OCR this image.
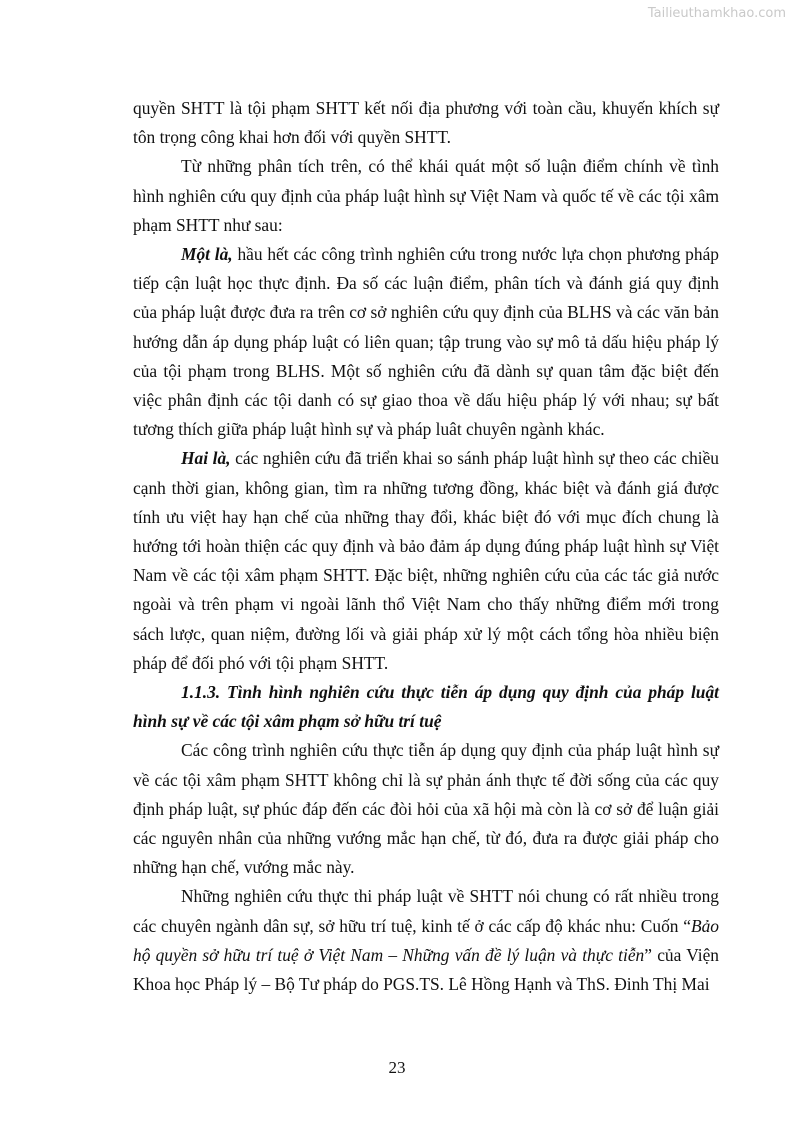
Tailieuthamkhao.com

quyền SHTT là tội phạm SHTT kết nối địa phương với toàn cầu, khuyến khích sự tôn trọng công khai hơn đối với quyền SHTT.

Từ những phân tích trên, có thể khái quát một số luận điểm chính về tình hình nghiên cứu quy định của pháp luật hình sự Việt Nam và quốc tế về các tội xâm phạm SHTT như sau:

Một là, hầu hết các công trình nghiên cứu trong nước lựa chọn phương pháp tiếp cận luật học thực định. Đa số các luận điểm, phân tích và đánh giá quy định của pháp luật được đưa ra trên cơ sở nghiên cứu quy định của BLHS và các văn bản hướng dẫn áp dụng pháp luật có liên quan; tập trung vào sự mô tả dấu hiệu pháp lý của tội phạm trong BLHS. Một số nghiên cứu đã dành sự quan tâm đặc biệt đến việc phân định các tội danh có sự giao thoa về dấu hiệu pháp lý với nhau; sự bất tương thích giữa pháp luật hình sự và pháp luât chuyên ngành khác.

Hai là, các nghiên cứu đã triển khai so sánh pháp luật hình sự theo các chiều cạnh thời gian, không gian, tìm ra những tương đồng, khác biệt và đánh giá được tính ưu việt hay hạn chế của những thay đổi, khác biệt đó với mục đích chung là hướng tới hoàn thiện các quy định và bảo đảm áp dụng đúng pháp luật hình sự Việt Nam về các tội xâm phạm SHTT. Đặc biệt, những nghiên cứu của các tác giả nước ngoài và trên phạm vi ngoài lãnh thổ Việt Nam cho thấy những điểm mới trong sách lược, quan niệm, đường lối và giải pháp xử lý một cách tổng hòa nhiều biện pháp để đối phó với tội phạm SHTT.

1.1.3. Tình hình nghiên cứu thực tiễn áp dụng quy định của pháp luật hình sự về các tội xâm phạm sở hữu trí tuệ

Các công trình nghiên cứu thực tiễn áp dụng quy định của pháp luật hình sự về các tội xâm phạm SHTT không chỉ là sự phản ánh thực tế đời sống của các quy định pháp luật, sự phúc đáp đến các đòi hỏi của xã hội mà còn là cơ sở để luận giải các nguyên nhân của những vướng mắc hạn chế, từ đó, đưa ra được giải pháp cho những hạn chế, vướng mắc này.

Những nghiên cứu thực thi pháp luật về SHTT nói chung có rất nhiều trong các chuyên ngành dân sự, sở hữu trí tuệ, kinh tế ở các cấp độ khác nhu: Cuốn “Bảo hộ quyền sở hữu trí tuệ ở Việt Nam – Những vấn đề lý luận và thực tiễn” của Viện Khoa học Pháp lý – Bộ Tư pháp do PGS.TS. Lê Hồng Hạnh và ThS. Đinh Thị Mai

23
